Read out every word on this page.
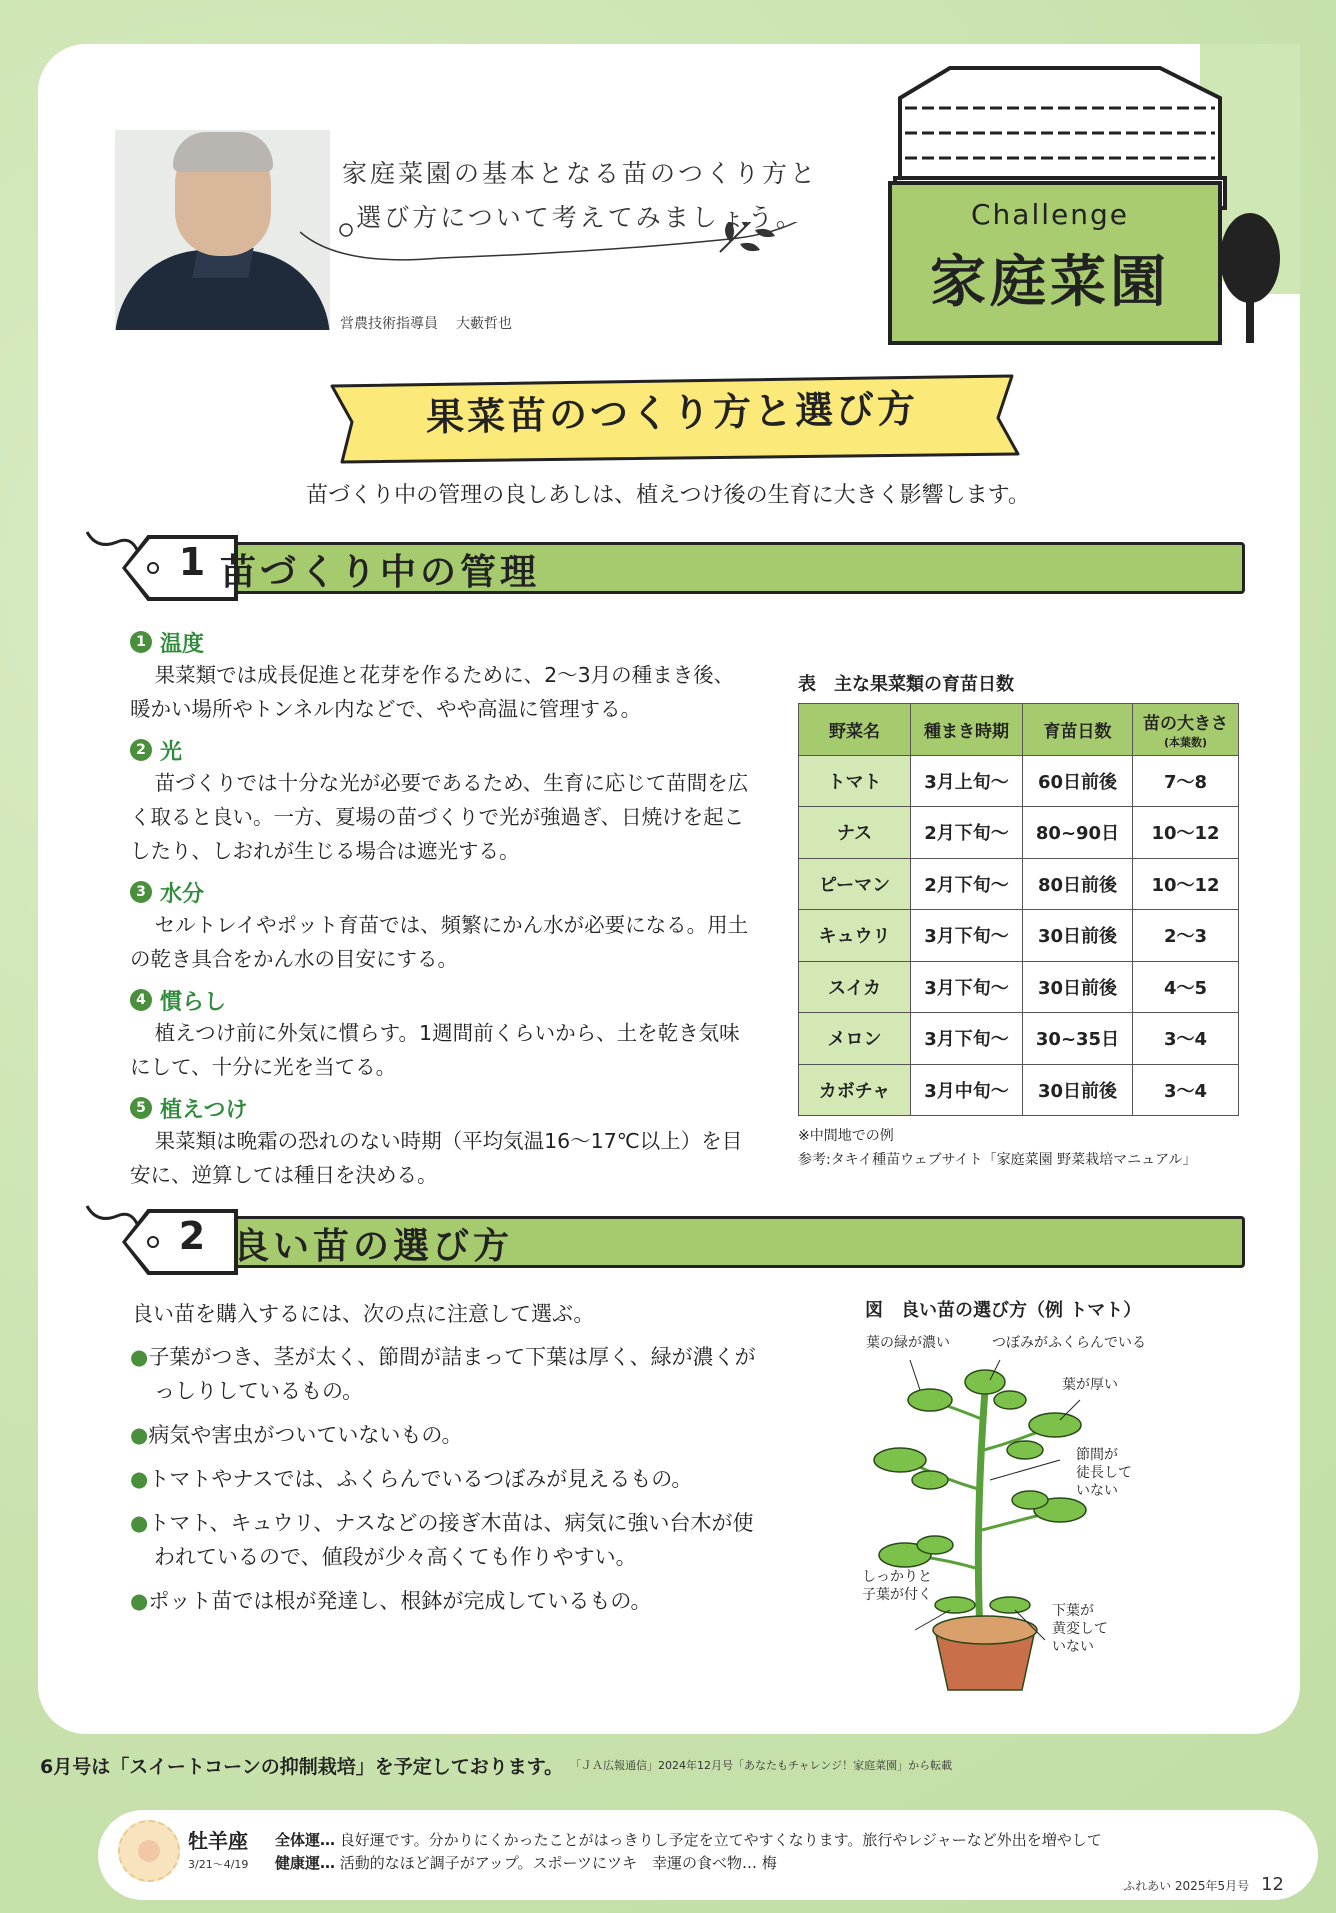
家庭菜園の基本となる苗のつくり方と
選び方について考えてみましょう。
営農技術指導員 大藪哲也
Challenge
家庭菜園
果菜苗のつくり方と選び方
苗づくり中の管理の良しあしは、植えつけ後の生育に大きく影響します。
1 苗づくり中の管理
1 温度
果菜類では成長促進と花芽を作るために、2〜3月の種まき後、暖かい場所やトンネル内などで、やや高温に管理する。
2 光
苗づくりでは十分な光が必要であるため、生育に応じて苗間を広く取ると良い。一方、夏場の苗づくりで光が強過ぎ、日焼けを起こしたり、しおれが生じる場合は遮光する。
3 水分
セルトレイやポット育苗では、頻繁にかん水が必要になる。用土の乾き具合をかん水の目安にする。
4 慣らし
植えつけ前に外気に慣らす。1週間前くらいから、土を乾き気味にして、十分に光を当てる。
5 植えつけ
果菜類は晩霜の恐れのない時期（平均気温16〜17℃以上）を目安に、逆算しては種日を決める。
表　主な果菜類の育苗日数
野菜名	種まき時期	育苗日数	苗の大きさ
(本葉数)

トマト	3月上旬〜	60日前後	7〜8
ナス	2月下旬〜	80~90日	10〜12
ピーマン	2月下旬〜	80日前後	10〜12
キュウリ	3月下旬〜	30日前後	2〜3
スイカ	3月下旬〜	30日前後	4〜5
メロン	3月下旬〜	30~35日	3〜4
カボチャ	3月中旬〜	30日前後	3〜4
※中間地での例
参考:タキイ種苗ウェブサイト「家庭菜園 野菜栽培マニュアル」
2 良い苗の選び方
良い苗を購入するには、次の点に注意して選ぶ。
●子葉がつき、茎が太く、節間が詰まって下葉は厚く、緑が濃くがっしりしているもの。
●病気や害虫がついていないもの。
●トマトやナスでは、ふくらんでいるつぼみが見えるもの。
●トマト、キュウリ、ナスなどの接ぎ木苗は、病気に強い台木が使われているので、値段が少々高くても作りやすい。
●ポット苗では根が発達し、根鉢が完成しているもの。
図　良い苗の選び方（例 トマト）
葉の緑が濃い	つぼみがふくらんでいる
葉が厚い
節間が
徒長して
いない
しっかりと
子葉が付く
下葉が
黄変して
いない
6月号は「スイートコーンの抑制栽培」を予定しております。 「ＪＡ広報通信」2024年12月号「あなたもチャレンジ！家庭菜園」から転載
牡羊座
3/21〜4/19
全体運… 良好運です。分かりにくかったことがはっきりし予定を立てやすくなります。旅行やレジャーなど外出を増やして
健康運… 活動的なほど調子がアップ。スポーツにツキ　幸運の食べ物… 梅
ふれあい 2025年5月号 12
